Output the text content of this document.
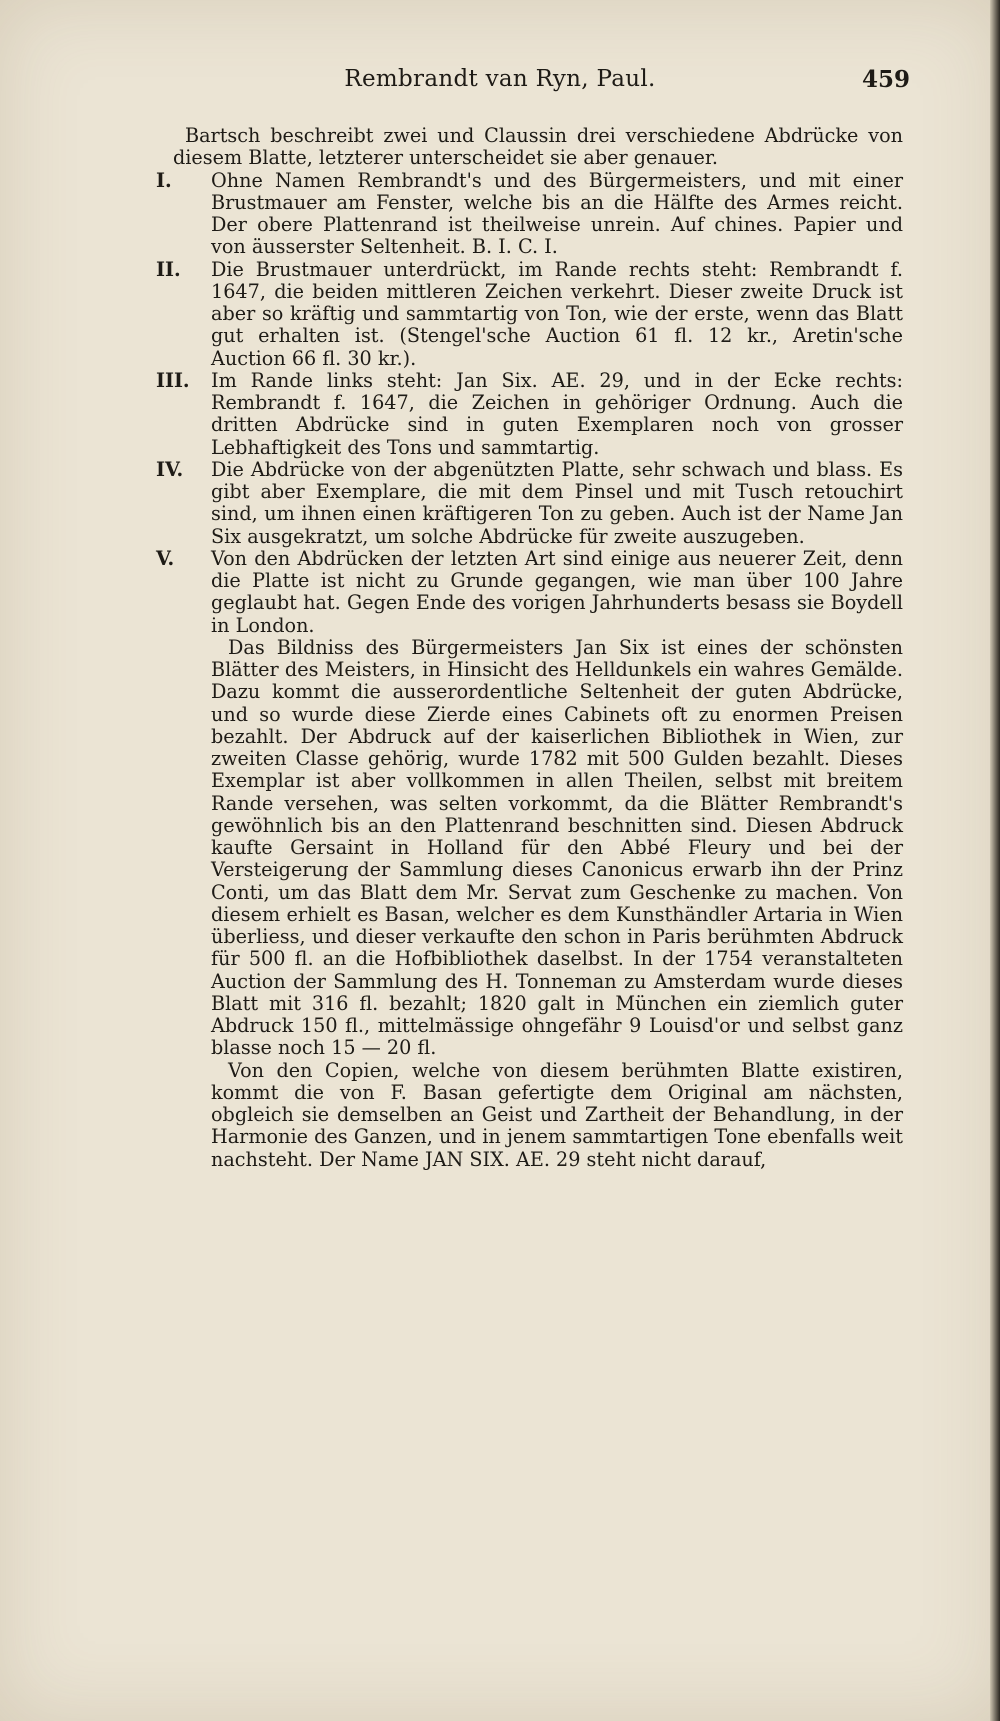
Rembrandt van Ryn, Paul.	459

Bartsch beschreibt zwei und Claussin drei verschiedene Abdrücke von diesem Blatte, letzterer unterscheidet sie aber genauer.

I. Ohne Namen Rembrandt's und des Bürgermeisters, und mit einer Brustmauer am Fenster, welche bis an die Hälfte des Armes reicht. Der obere Plattenrand ist theilweise unrein. Auf chines. Papier und von äusserster Seltenheit. B. I. C. I.
II. Die Brustmauer unterdrückt, im Rande rechts steht: Rembrandt f. 1647, die beiden mittleren Zeichen verkehrt. Dieser zweite Druck ist aber so kräftig und sammtartig von Ton, wie der erste, wenn das Blatt gut erhalten ist. (Stengel'sche Auction 61 fl. 12 kr., Aretin'sche Auction 66 fl. 30 kr.).
III. Im Rande links steht: Jan Six. AE. 29, und in der Ecke rechts: Rembrandt f. 1647, die Zeichen in gehöriger Ordnung. Auch die dritten Abdrücke sind in guten Exemplaren noch von grosser Lebhaftigkeit des Tons und sammtartig.
IV. Die Abdrücke von der abgenützten Platte, sehr schwach und blass. Es gibt aber Exemplare, die mit dem Pinsel und mit Tusch retouchirt sind, um ihnen einen kräftigeren Ton zu geben. Auch ist der Name Jan Six ausgekratzt, um solche Abdrücke für zweite auszugeben.
V. Von den Abdrücken der letzten Art sind einige aus neuerer Zeit, denn die Platte ist nicht zu Grunde gegangen, wie man über 100 Jahre geglaubt hat. Gegen Ende des vorigen Jahrhunderts besass sie Boydell in London.

Das Bildniss des Bürgermeisters Jan Six ist eines der schönsten Blätter des Meisters, in Hinsicht des Helldunkels ein wahres Gemälde. Dazu kommt die ausserordentliche Seltenheit der guten Abdrücke, und so wurde diese Zierde eines Cabinets oft zu enormen Preisen bezahlt. Der Abdruck auf der kaiserlichen Bibliothek in Wien, zur zweiten Classe gehörig, wurde 1782 mit 500 Gulden bezahlt. Dieses Exemplar ist aber vollkommen in allen Theilen, selbst mit breitem Rande versehen, was selten vorkommt, da die Blätter Rembrandt's gewöhnlich bis an den Plattenrand beschnitten sind. Diesen Abdruck kaufte Gersaint in Holland für den Abbé Fleury und bei der Versteigerung der Sammlung dieses Canonicus erwarb ihn der Prinz Conti, um das Blatt dem Mr. Servat zum Geschenke zu machen. Von diesem erhielt es Basan, welcher es dem Kunsthändler Artaria in Wien überliess, und dieser verkaufte den schon in Paris berühmten Abdruck für 500 fl. an die Hofbibliothek daselbst. In der 1754 veranstalteten Auction der Sammlung des H. Tonneman zu Amsterdam wurde dieses Blatt mit 316 fl. bezahlt; 1820 galt in München ein ziemlich guter Abdruck 150 fl., mittelmässige ohngefähr 9 Louisd'or und selbst ganz blasse noch 15 — 20 fl.

Von den Copien, welche von diesem berühmten Blatte existiren, kommt die von F. Basan gefertigte dem Original am nächsten, obgleich sie demselben an Geist und Zartheit der Behandlung, in der Harmonie des Ganzen, und in jenem sammtartigen Tone ebenfalls weit nachsteht. Der Name JAN SIX. AE. 29 steht nicht darauf,
